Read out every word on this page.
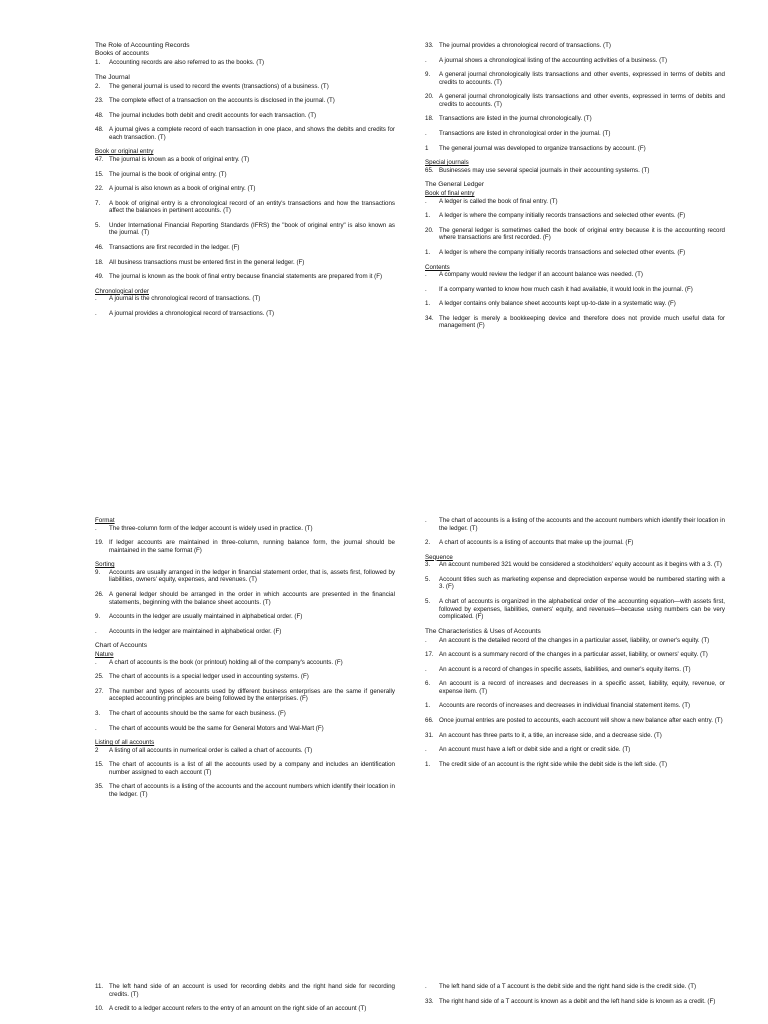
The Role of Accounting Records
Books of accounts
1.	Accounting records are also referred to as the books. (T)
The Journal
2.	The general journal is used to record the events (transactions) of a business. (T)
23. The complete effect of a transaction on the accounts is disclosed in the journal. (T)
48. The journal includes both debit and credit accounts for each transaction. (T)
48. A journal gives a complete record of each transaction in one place, and shows the debits and credits for each transaction. (T)
Book or original entry
47. The journal is known as a book of original entry. (T)
15. The journal is the book of original entry. (T)
22. A journal is also known as a book of original entry. (T)
7.	A book of original entry is a chronological record of an entity's transactions and how the transactions affect the balances in pertinent accounts. (T)
5.	Under International Financial Reporting Standards (IFRS) the "book of original entry" is also known as the journal. (T)
46. Transactions are first recorded in the ledger. (F)
18. All business transactions must be entered first in the general ledger. (F)
49. The journal is known as the book of final entry because financial statements are prepared from it (F)
Chronological order
.	A journal is the chronological record of transactions. (T)
.	A journal provides a chronological record of transactions. (T)
33. The journal provides a chronological record of transactions. (T)
.	A journal shows a chronological listing of the accounting activities of a business. (T)
9.	A general journal chronologically lists transactions and other events, expressed in terms of debits and credits to accounts. (T)
20. A general journal chronologically lists transactions and other events, expressed in terms of debits and credits to accounts. (T)
18. Transactions are listed in the journal chronologically. (T)
.	Transactions are listed in chronological order in the journal. (T)
1	The general journal was developed to organize transactions by account. (F)
Special journals
65. Businesses may use several special journals in their accounting systems. (T)
The General Ledger
Book of final entry
.	A ledger is called the book of final entry. (T)
1.	A ledger is where the company initially records transactions and selected other events. (F)
20. The general ledger is sometimes called the book of original entry because it is the accounting record where transactions are first recorded. (F)
1.	A ledger is where the company initially records transactions and selected other events. (F)
Contents
.	A company would review the ledger if an account balance was needed. (T)
.	If a company wanted to know how much cash it had available, it would look in the journal. (F)
1.	A ledger contains only balance sheet accounts kept up-to-date in a systematic way. (F)
34. The ledger is merely a bookkeeping device and therefore does not provide much useful data for management (F)
Format
.	The three-column form of the ledger account is widely used in practice. (T)
19. If ledger accounts are maintained in three-column, running balance form, the journal should be maintained in the same format (F)
Sorting
9.	Accounts are usually arranged in the ledger in financial statement order, that is, assets first, followed by liabilities, owners' equity, expenses, and revenues. (T)
26. A general ledger should be arranged in the order in which accounts are presented in the financial statements, beginning with the balance sheet accounts. (T)
9.	Accounts in the ledger are usually maintained in alphabetical order. (F)
.	Accounts in the ledger are maintained in alphabetical order. (F)
Chart of Accounts
Nature
.	A chart of accounts is the book (or printout) holding all of the company's accounts. (F)
25. The chart of accounts is a special ledger used in accounting systems. (F)
27. The number and types of accounts used by different business enterprises are the same if generally accepted accounting principles are being followed by the enterprises. (F)
3.	The chart of accounts should be the same for each business. (F)
.	The chart of accounts would be the same for General Motors and Wal-Mart (F)
Listing of all accounts
2	A listing of all accounts in numerical order is called a chart of accounts. (T)
15. The chart of accounts is a list of all the accounts used by a company and includes an identification number assigned to each account (T)
35. The chart of accounts is a listing of the accounts and the account numbers which identify their location in the ledger. (T)
.	The chart of accounts is a listing of the accounts and the account numbers which identify their location in the ledger. (T)
2.	A chart of accounts is a listing of accounts that make up the journal. (F)
Sequence
3.	An account numbered 321 would be considered a stockholders' equity account as it begins with a 3. (T)
5.	Account titles such as marketing expense and depreciation expense would be numbered starting with a 3. (F)
5.	A chart of accounts is organized in the alphabetical order of the accounting equation—with assets first, followed by expenses, liabilities, owners' equity, and revenues—because using numbers can be very complicated. (F)
The Characteristics & Uses of Accounts
.	An account is the detailed record of the changes in a particular asset, liability, or owner's equity. (T)
17. An account is a summary record of the changes in a particular asset, liability, or owners' equity. (T)
.	An account is a record of changes in specific assets, liabilities, and owner's equity items. (T)
6.	An account is a record of increases and decreases in a specific asset, liability, equity, revenue, or expense item. (T)
1.	Accounts are records of increases and decreases in individual financial statement items. (T)
66. Once journal entries are posted to accounts, each account will show a new balance after each entry. (T)
31. An account has three parts to it, a title, an increase side, and a decrease side. (T)
.	An account must have a left or debit side and a right or credit side. (T)
1.	The credit side of an account is the right side while the debit side is the left side. (T)
11. The left hand side of an account is used for recording debits and the right hand side for recording credits. (T)
10. A credit to a ledger account refers to the entry of an amount on the right side of an account (T)
.	The left hand side of a T account is the debit side and the right hand side is the credit side. (T)
33. The right hand side of a T account is known as a debit and the left hand side is known as a credit. (F)
